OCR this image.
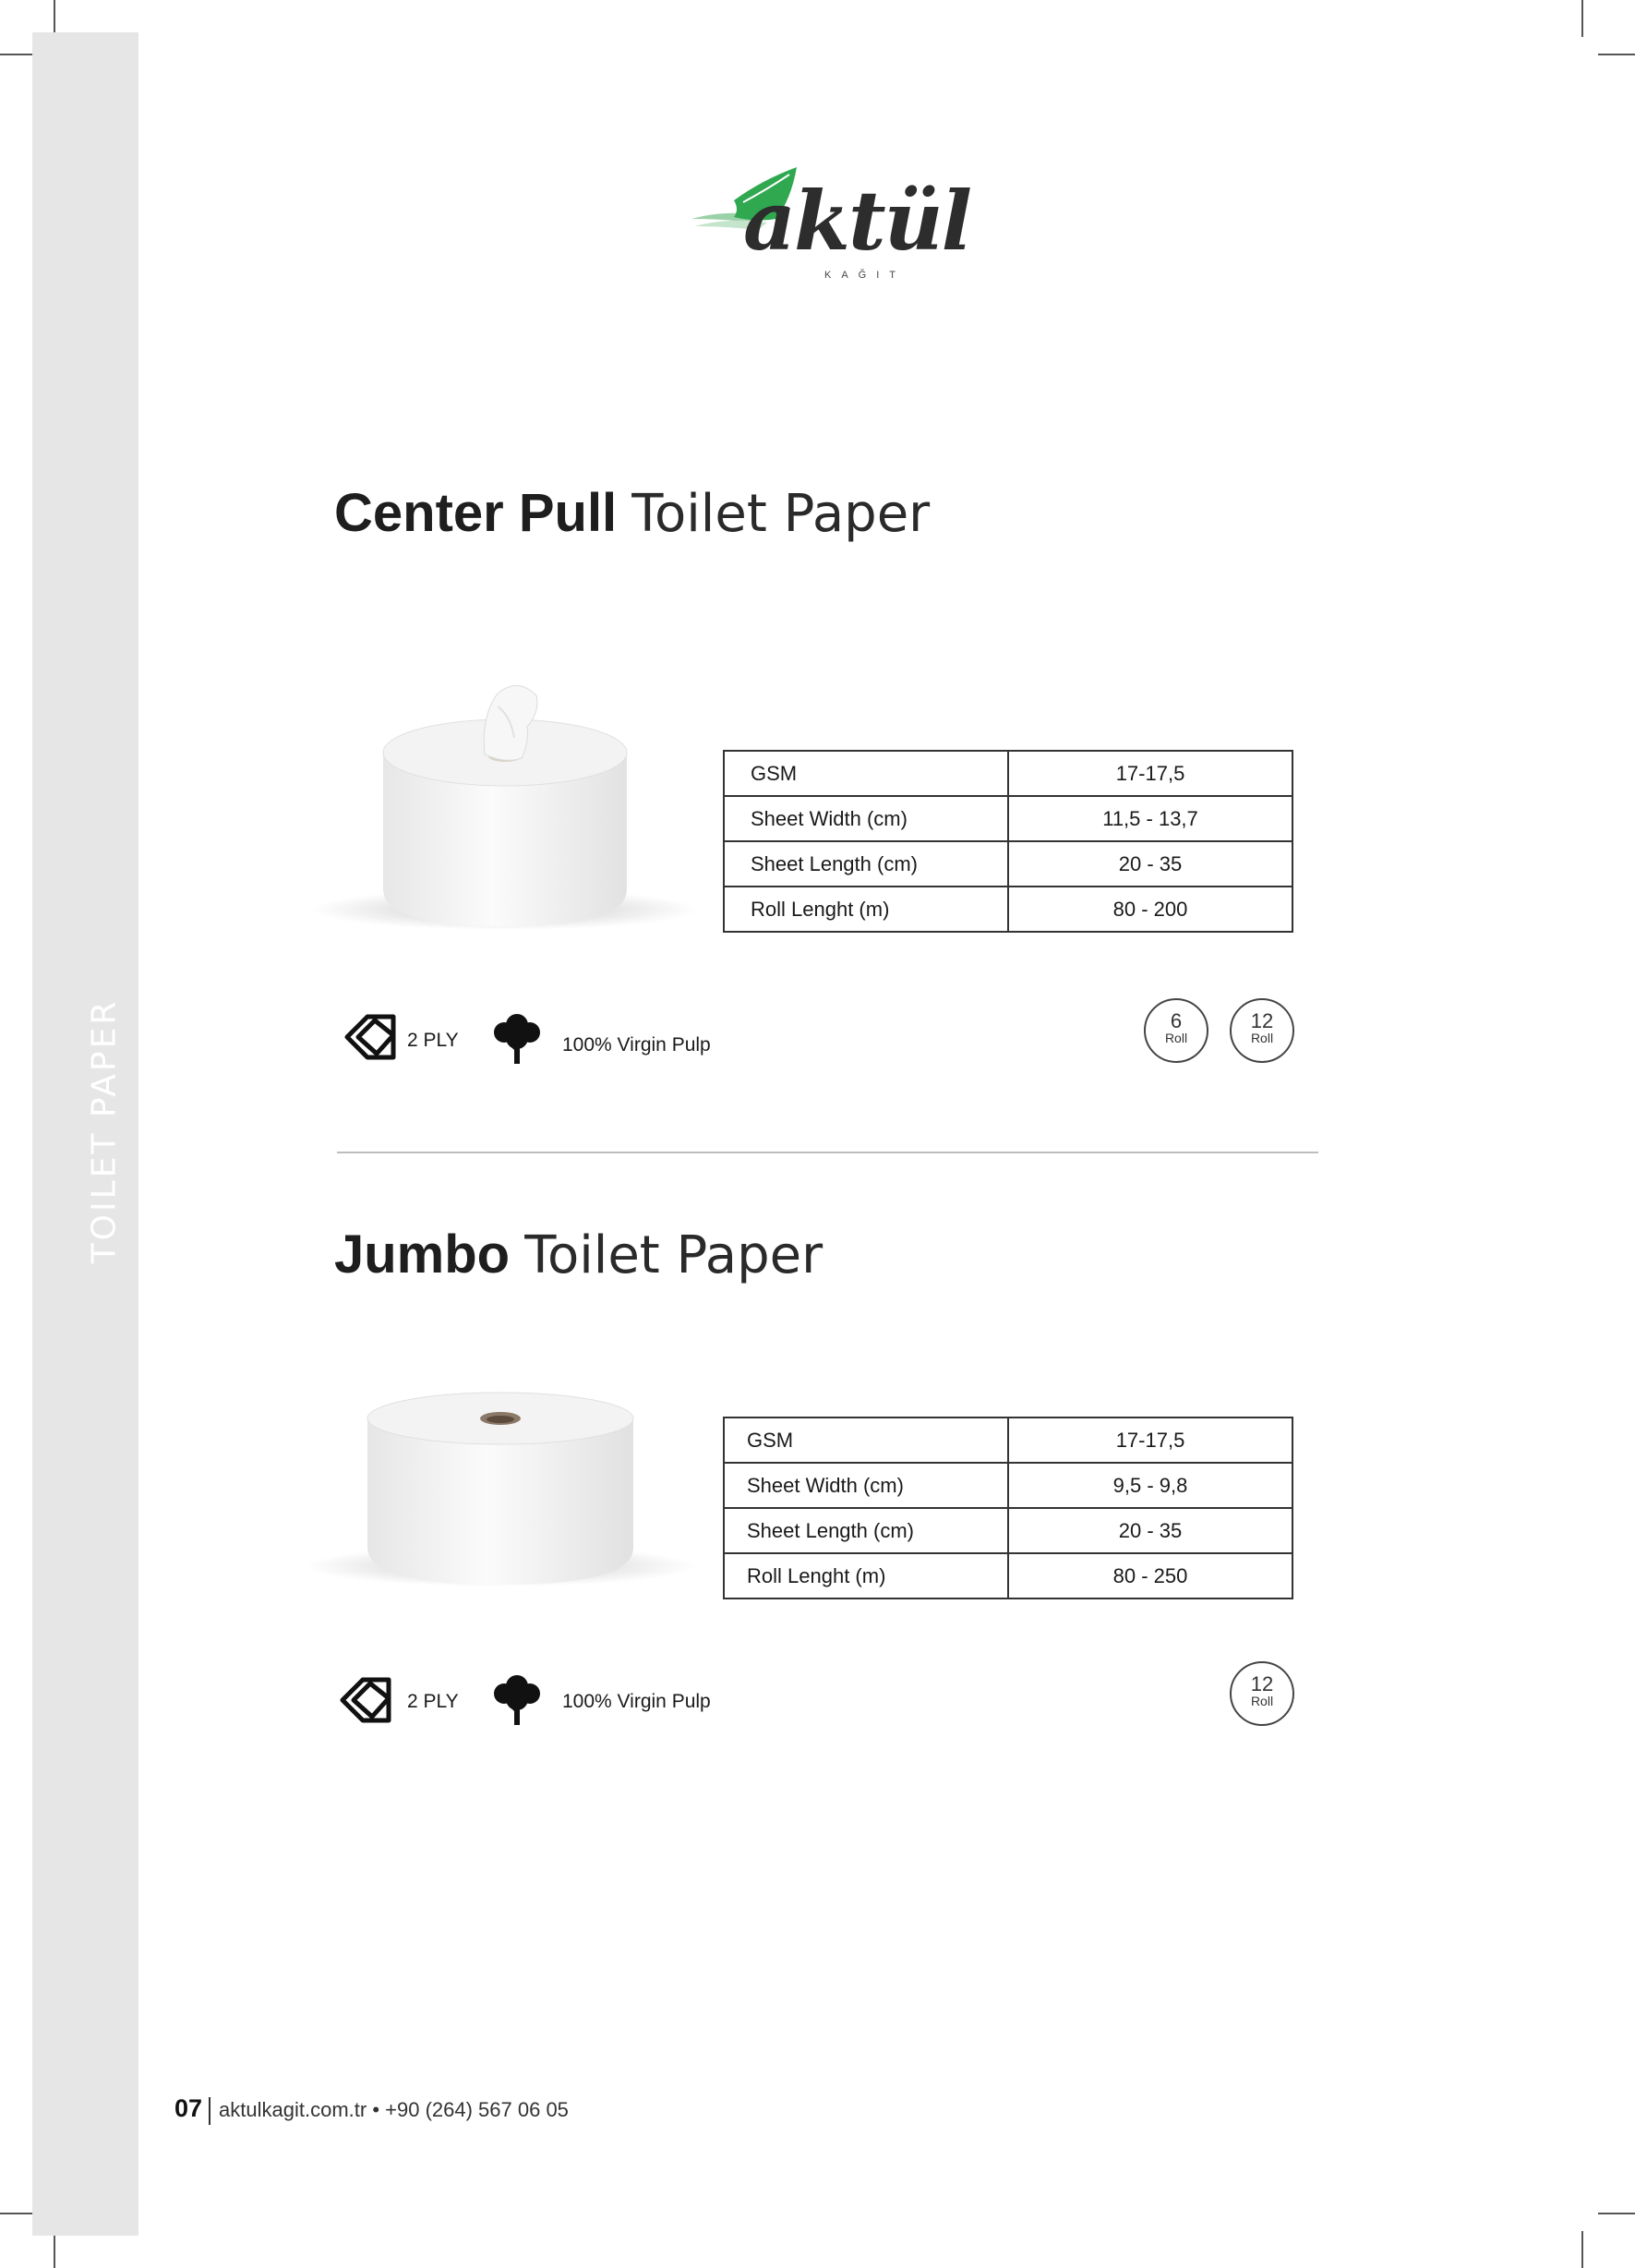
TOILET PAPER
aktül
KAĞIT
Center Pull Toilet Paper
GSM	17-17,5
Sheet Width (cm)	11,5 - 13,7
Sheet Length (cm)	20 - 35
Roll Lenght (m)	80 - 200
2 PLY	100% Virgin Pulp
6
Roll
12
Roll
Jumbo Toilet Paper
GSM	17-17,5
Sheet Width (cm)	9,5 - 9,8
Sheet Length (cm)	20 - 35
Roll Lenght (m)	80 - 250
2 PLY	100% Virgin Pulp
12
Roll
07 aktulkagit.com.tr • +90 (264) 567 06 05
